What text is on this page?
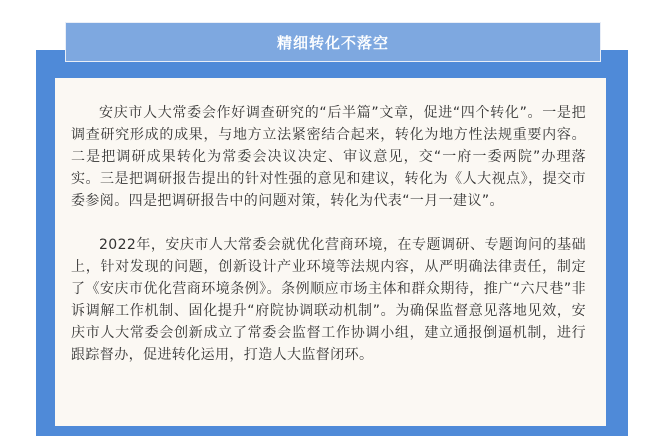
安庆市人大常委会作好调查研究的“后半篇”文章，促进“四个转化”。一是把调查研究形成的成果，与地方立法紧密结合起来，转化为地方性法规重要内容。二是把调研成果转化为常委会决议决定、审议意见，交“一府一委两院”办理落实。三是把调研报告提出的针对性强的意见和建议，转化为《人大视点》，提交市委参阅。四是把调研报告中的问题对策，转化为代表“一月一建议”。

2022年，安庆市人大常委会就优化营商环境，在专题调研、专题询问的基础上，针对发现的问题，创新设计产业环境等法规内容，从严明确法律责任，制定了《安庆市优化营商环境条例》。条例顺应市场主体和群众期待，推广“六尺巷”非诉调解工作机制、固化提升“府院协调联动机制”。为确保监督意见落地见效，安庆市人大常委会创新成立了常委会监督工作协调小组，建立通报倒逼机制，进行跟踪督办，促进转化运用，打造人大监督闭环。

精细转化不落空
